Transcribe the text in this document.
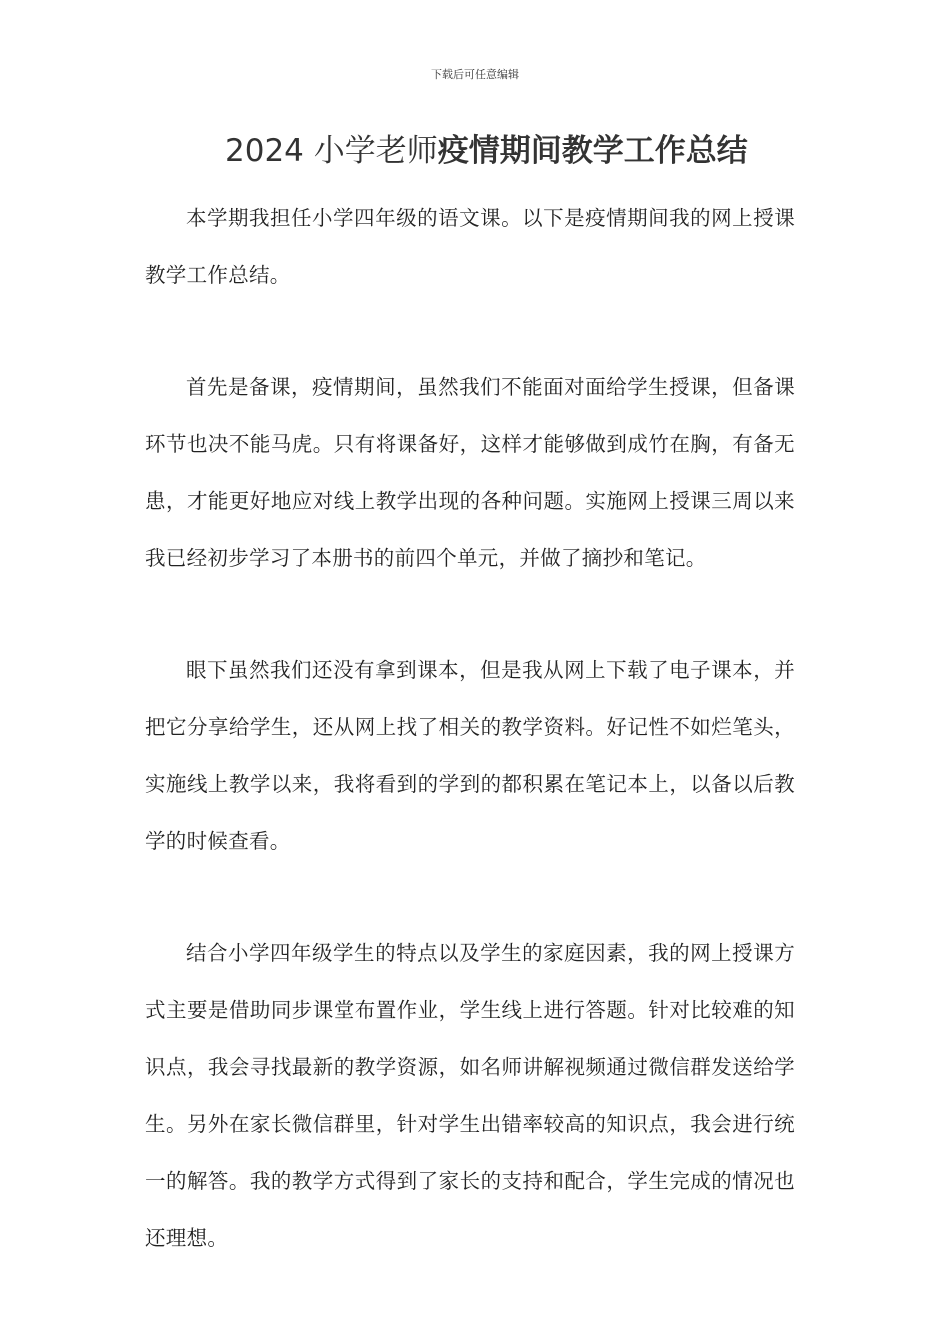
下载后可任意编辑
2024 小学老师疫情期间教学工作总结

本学期我担任小学四年级的语文课。以下是疫情期间我的网上授课教学工作总结。

首先是备课，疫情期间，虽然我们不能面对面给学生授课，但备课环节也决不能马虎。只有将课备好，这样才能够做到成竹在胸，有备无患，才能更好地应对线上教学出现的各种问题。实施网上授课三周以来我已经初步学习了本册书的前四个单元，并做了摘抄和笔记。

眼下虽然我们还没有拿到课本，但是我从网上下载了电子课本，并把它分享给学生，还从网上找了相关的教学资料。好记性不如烂笔头，实施线上教学以来，我将看到的学到的都积累在笔记本上，以备以后教学的时候查看。

结合小学四年级学生的特点以及学生的家庭因素，我的网上授课方式主要是借助同步课堂布置作业，学生线上进行答题。针对比较难的知识点，我会寻找最新的教学资源，如名师讲解视频通过微信群发送给学生。另外在家长微信群里，针对学生出错率较高的知识点，我会进行统一的解答。我的教学方式得到了家长的支持和配合，学生完成的情况也还理想。
